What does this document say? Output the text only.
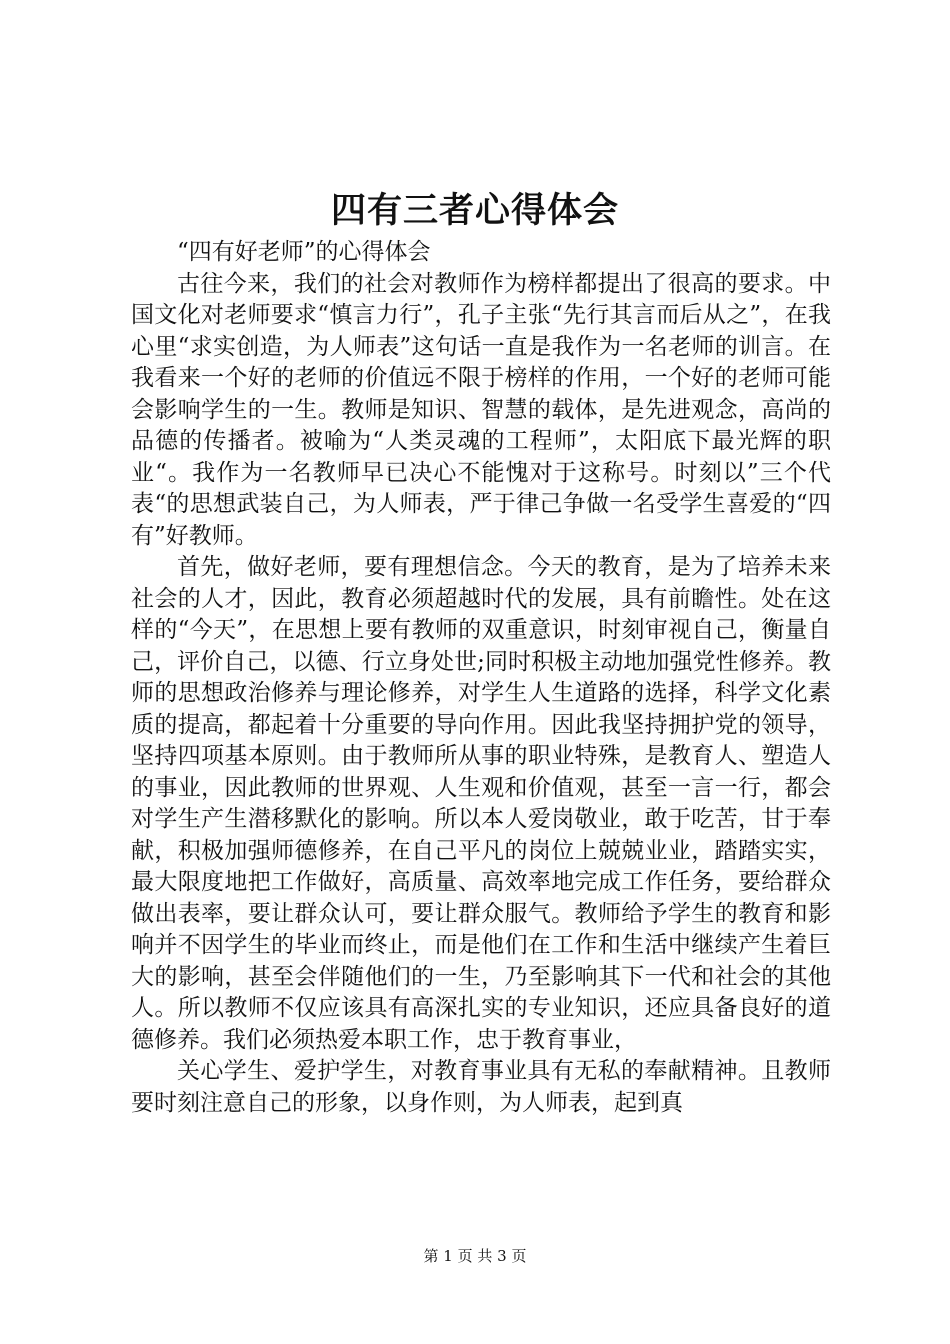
四有三者心得体会

“四有好老师”的心得体会

古往今来，我们的社会对教师作为榜样都提出了很高的要求。中国文化对老师要求“慎言力行”，孔子主张“先行其言而后从之”，在我心里“求实创造，为人师表”这句话一直是我作为一名老师的训言。在我看来一个好的老师的价值远不限于榜样的作用，一个好的老师可能会影响学生的一生。教师是知识、智慧的载体，是先进观念，高尚的品德的传播者。被喻为“人类灵魂的工程师”，太阳底下最光辉的职业“。我作为一名教师早已决心不能愧对于这称号。时刻以”三个代表“的思想武装自己，为人师表，严于律己争做一名受学生喜爱的“四有”好教师。

首先，做好老师，要有理想信念。今天的教育，是为了培养未来社会的人才，因此，教育必须超越时代的发展，具有前瞻性。处在这样的“今天”，在思想上要有教师的双重意识，时刻审视自己，衡量自己，评价自己，以德、行立身处世;同时积极主动地加强党性修养。教师的思想政治修养与理论修养，对学生人生道路的选择，科学文化素质的提高，都起着十分重要的导向作用。因此我坚持拥护党的领导，坚持四项基本原则。由于教师所从事的职业特殊，是教育人、塑造人的事业，因此教师的世界观、人生观和价值观，甚至一言一行，都会对学生产生潜移默化的影响。所以本人爱岗敬业，敢于吃苦，甘于奉献，积极加强师德修养，在自己平凡的岗位上兢兢业业，踏踏实实，最大限度地把工作做好，高质量、高效率地完成工作任务，要给群众做出表率，要让群众认可，要让群众服气。教师给予学生的教育和影响并不因学生的毕业而终止，而是他们在工作和生活中继续产生着巨大的影响，甚至会伴随他们的一生，乃至影响其下一代和社会的其他人。所以教师不仅应该具有高深扎实的专业知识，还应具备良好的道德修养。我们必须热爱本职工作，忠于教育事业，

关心学生、爱护学生，对教育事业具有无私的奉献精神。且教师要时刻注意自己的形象，以身作则，为人师表，起到真

第 1 页 共 3 页
